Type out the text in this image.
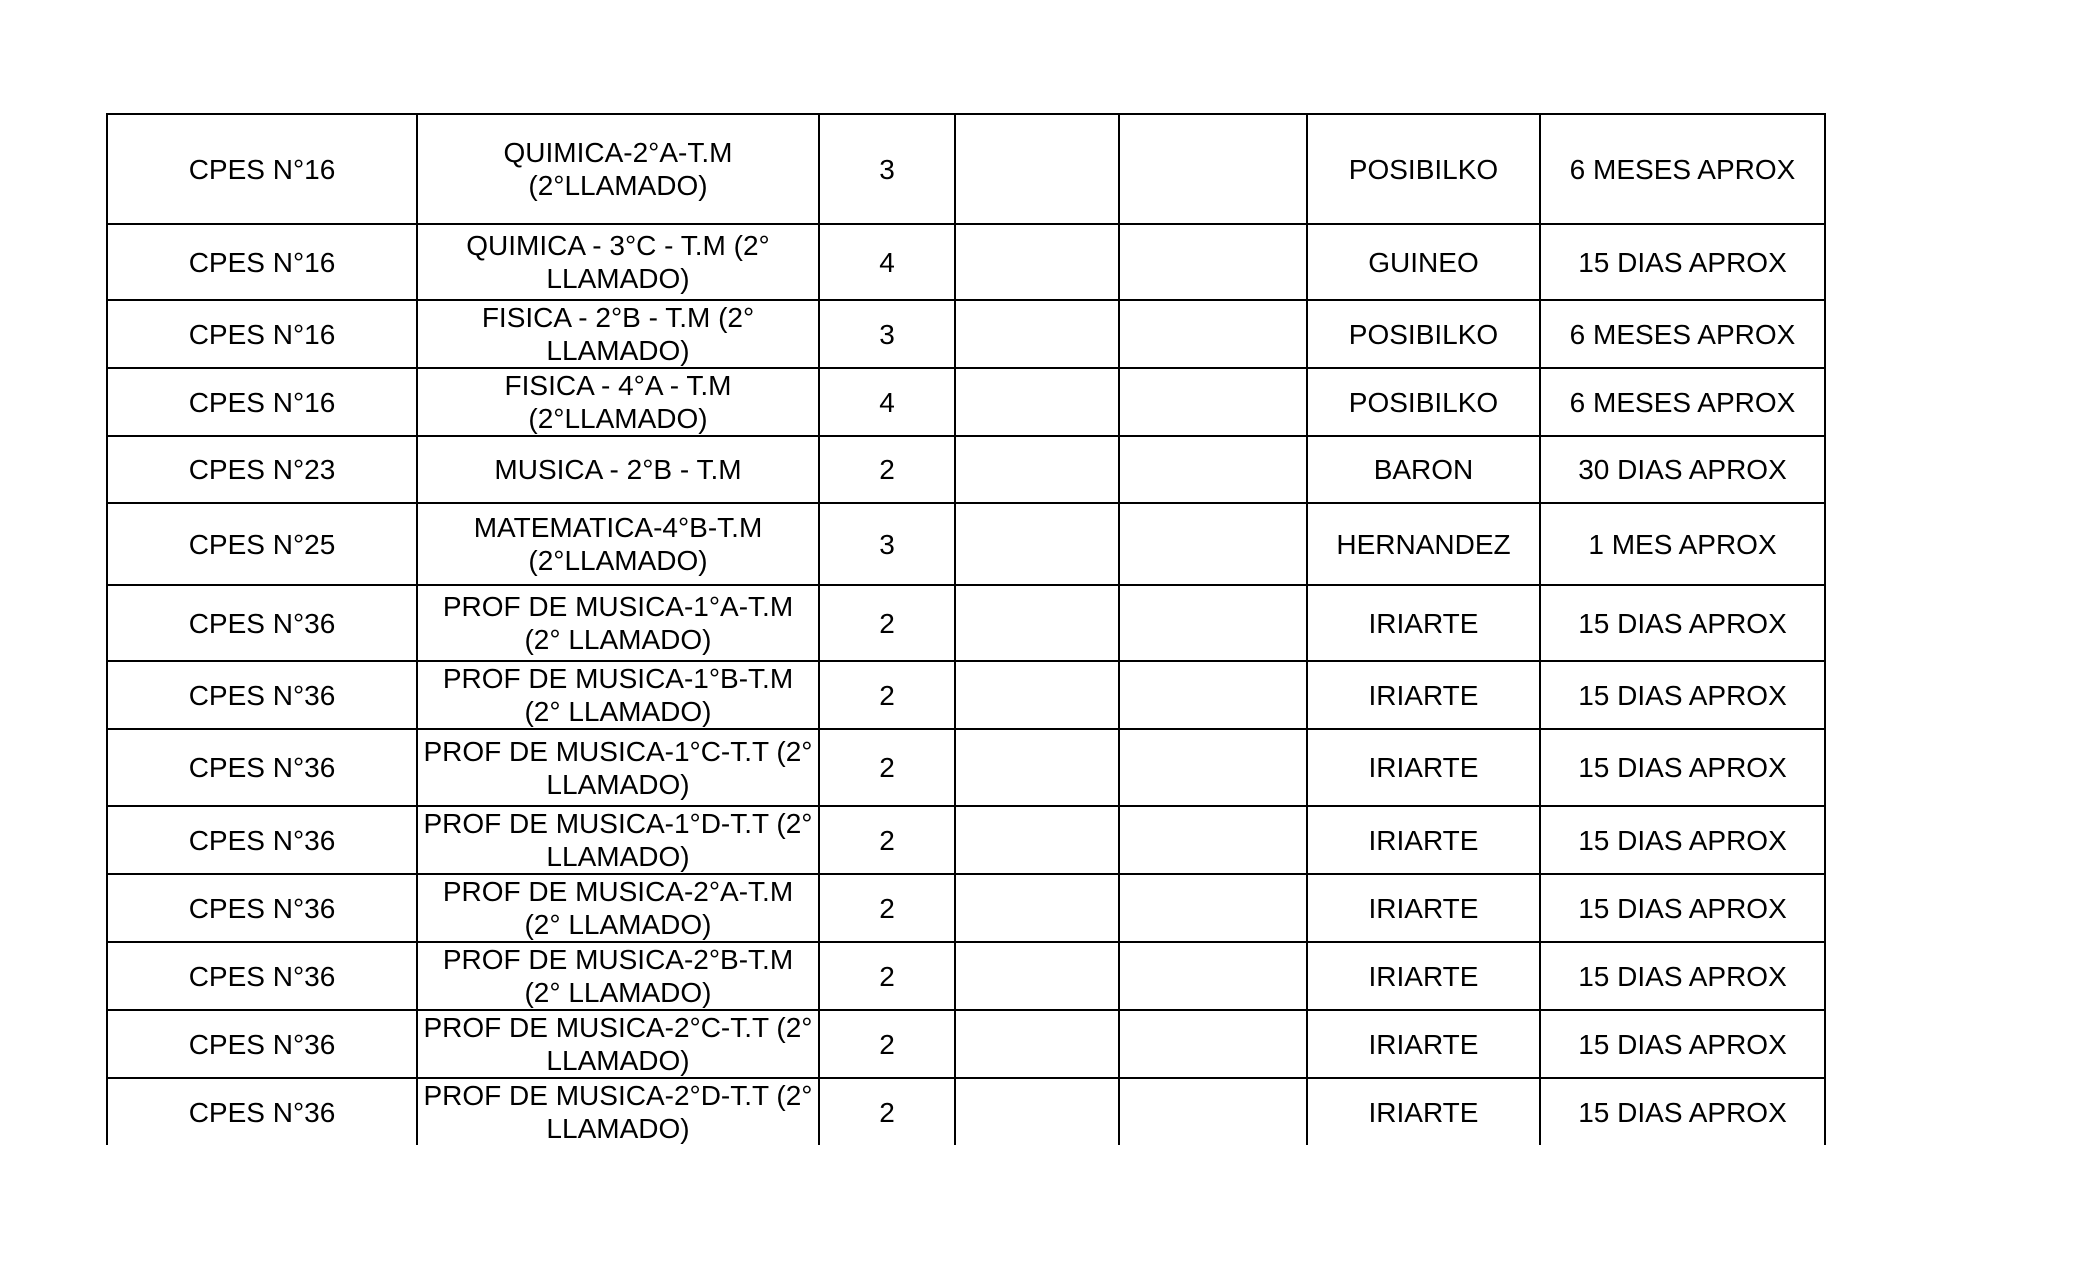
CPES N°16	QUIMICA-2°A-T.M (2°LLAMADO)	3			POSIBILKO	6 MESES APROX
CPES N°16	QUIMICA - 3°C - T.M (2° LLAMADO)	4			GUINEO	15 DIAS APROX
CPES N°16	FISICA - 2°B - T.M (2° LLAMADO)	3			POSIBILKO	6 MESES APROX
CPES N°16	FISICA - 4°A - T.M (2°LLAMADO)	4			POSIBILKO	6 MESES APROX
CPES N°23	MUSICA - 2°B - T.M	2			BARON	30 DIAS APROX
CPES N°25	MATEMATICA-4°B-T.M (2°LLAMADO)	3			HERNANDEZ	1 MES APROX
CPES N°36	PROF DE MUSICA-1°A-T.M (2° LLAMADO)	2			IRIARTE	15 DIAS APROX
CPES N°36	PROF DE MUSICA-1°B-T.M (2° LLAMADO)	2			IRIARTE	15 DIAS APROX
CPES N°36	PROF DE MUSICA-1°C-T.T (2° LLAMADO)	2			IRIARTE	15 DIAS APROX
CPES N°36	PROF DE MUSICA-1°D-T.T (2° LLAMADO)	2			IRIARTE	15 DIAS APROX
CPES N°36	PROF DE MUSICA-2°A-T.M (2° LLAMADO)	2			IRIARTE	15 DIAS APROX
CPES N°36	PROF DE MUSICA-2°B-T.M (2° LLAMADO)	2			IRIARTE	15 DIAS APROX
CPES N°36	PROF DE MUSICA-2°C-T.T (2° LLAMADO)	2			IRIARTE	15 DIAS APROX
CPES N°36	PROF DE MUSICA-2°D-T.T (2° LLAMADO)	2			IRIARTE	15 DIAS APROX
